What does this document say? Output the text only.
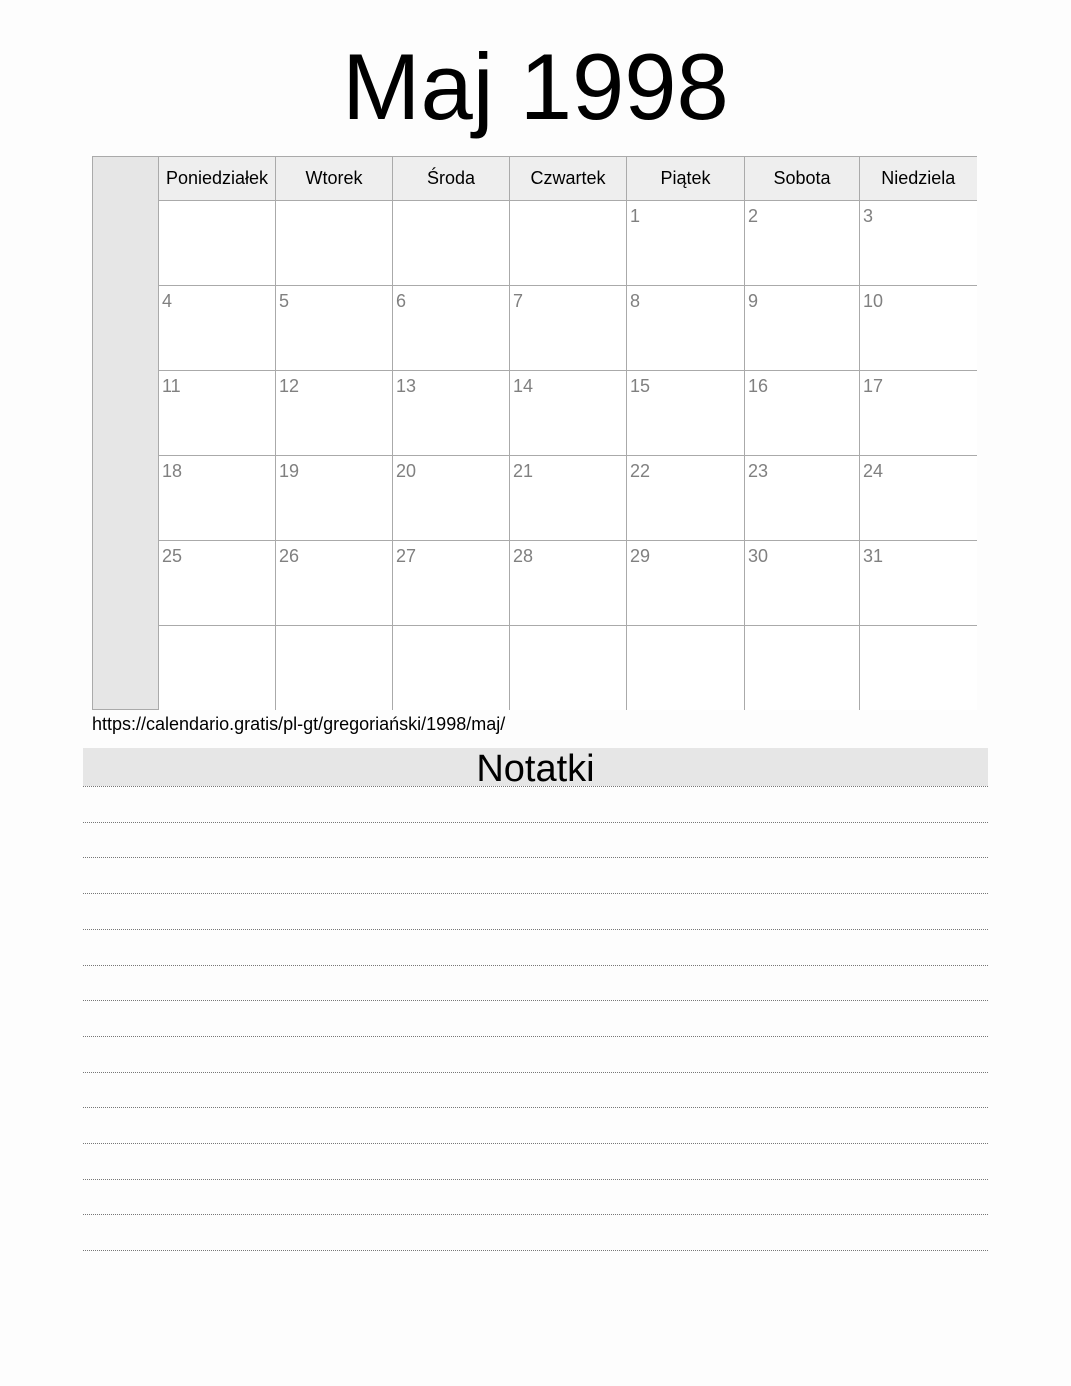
Maj 1998
Poniedziałek	Wtorek	Środa	Czwartek	Piątek	Sobota	Niedziela

				1	2	3

4	5	6	7	8	9	10

11	12	13	14	15	16	17

18	19	20	21	22	23	24

25	26	27	28	29	30	31

https://calendario.gratis/pl-gt/gregoriański/1998/maj/
Notatki
